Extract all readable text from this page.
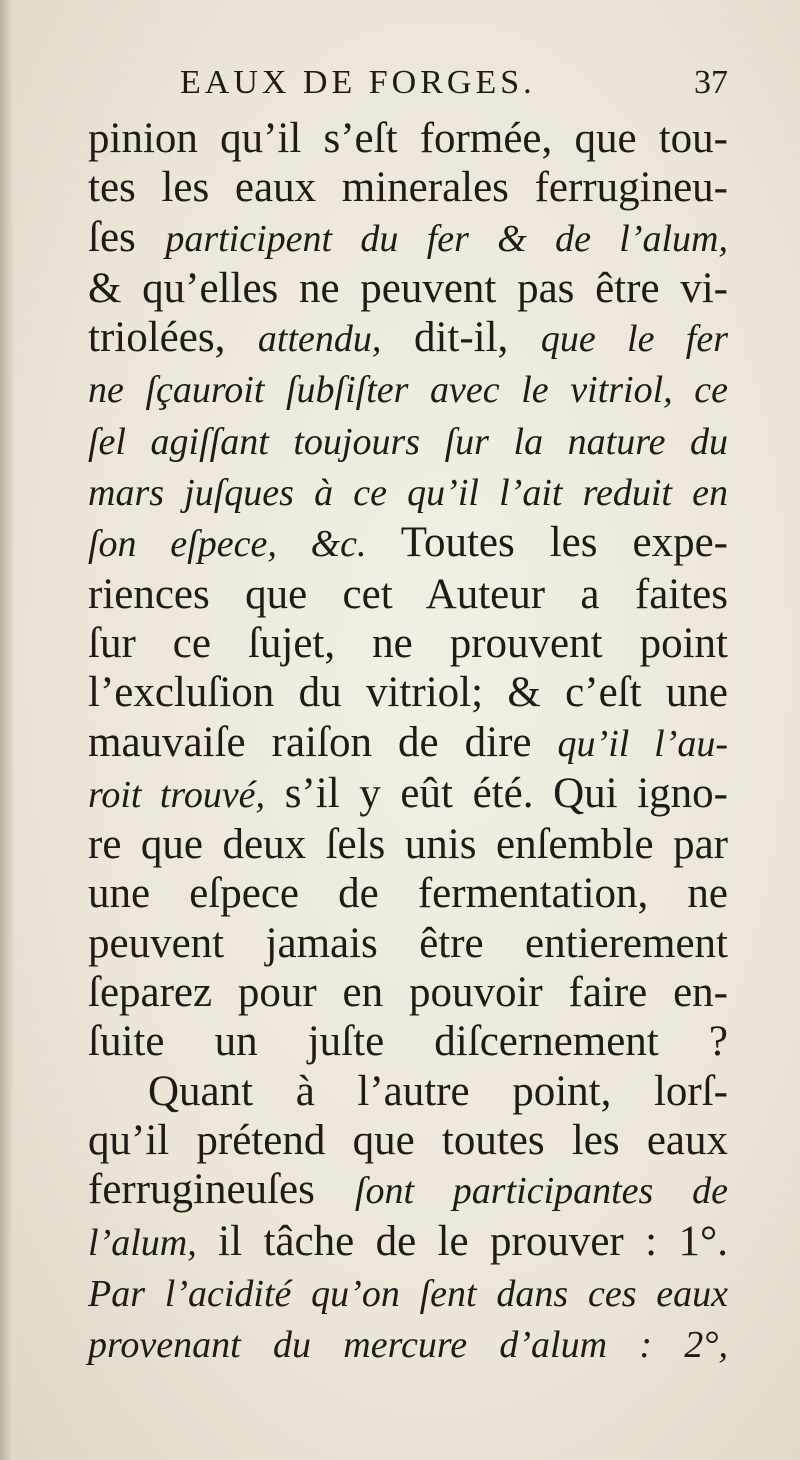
EAUX DE FORGES.	37
pinion qu’il s’eſt formée, que tou-
tes les eaux minerales ferrugineu-
ſes participent du fer & de l’alum,
& qu’elles ne peuvent pas être vi-
triolées, attendu, dit-il, que le fer
ne ſçauroit ſubſiſter avec le vitriol, ce
ſel agiſſant toujours ſur la nature du
mars juſques à ce qu’il l’ait reduit en
ſon eſpece, &c. Toutes les expe-
riences que cet Auteur a faites
ſur ce ſujet, ne prouvent point
l’excluſion du vitriol; & c’eſt une
mauvaiſe raiſon de dire qu’il l’au-
roit trouvé, s’il y eût été. Qui igno-
re que deux ſels unis enſemble par
une eſpece de fermentation, ne
peuvent jamais être entierement
ſeparez pour en pouvoir faire en-
ſuite un juſte diſcernement ?
Quant à l’autre point, lorſ-
qu’il prétend que toutes les eaux
ferrugineuſes ſont participantes de
l’alum, il tâche de le prouver : 1°.
Par l’acidité qu’on ſent dans ces eaux
provenant du mercure d’alum : 2°,
